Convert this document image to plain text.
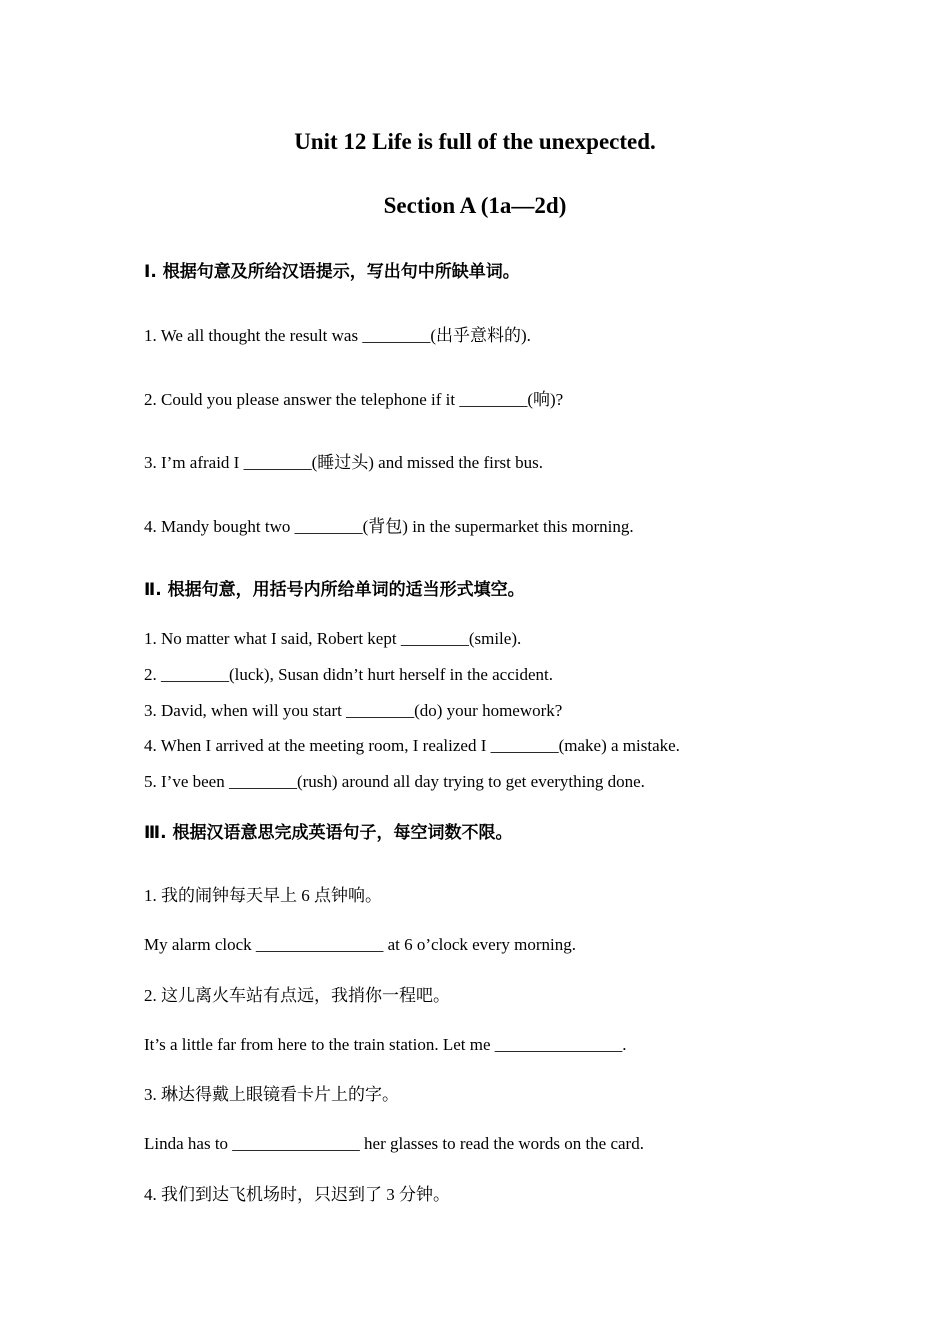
Unit 12 Life is full of the unexpected.
Section A (1a—2d)
Ⅰ. 根据句意及所给汉语提示，写出句中所缺单词。
1. We all thought the result was ________(出乎意料的).
2. Could you please answer the telephone if it ________(响)?
3. I’m afraid I ________(睡过头) and missed the first bus.
4. Mandy bought two ________(背包) in the supermarket this morning.
Ⅱ. 根据句意，用括号内所给单词的适当形式填空。
1. No matter what I said, Robert kept ________(smile).
2. ________(luck), Susan didn’t hurt herself in the accident.
3. David, when will you start ________(do) your homework?
4. When I arrived at the meeting room, I realized I ________(make) a mistake.
5. I’ve been ________(rush) around all day trying to get everything done.
Ⅲ. 根据汉语意思完成英语句子，每空词数不限。
1. 我的闹钟每天早上 6 点钟响。
My alarm clock _______________ at 6 o’clock every morning.
2. 这儿离火车站有点远，我捎你一程吧。
It’s a little far from here to the train station. Let me _______________.
3. 琳达得戴上眼镜看卡片上的字。
Linda has to _______________ her glasses to read the words on the card.
4. 我们到达飞机场时，只迟到了 3 分钟。
